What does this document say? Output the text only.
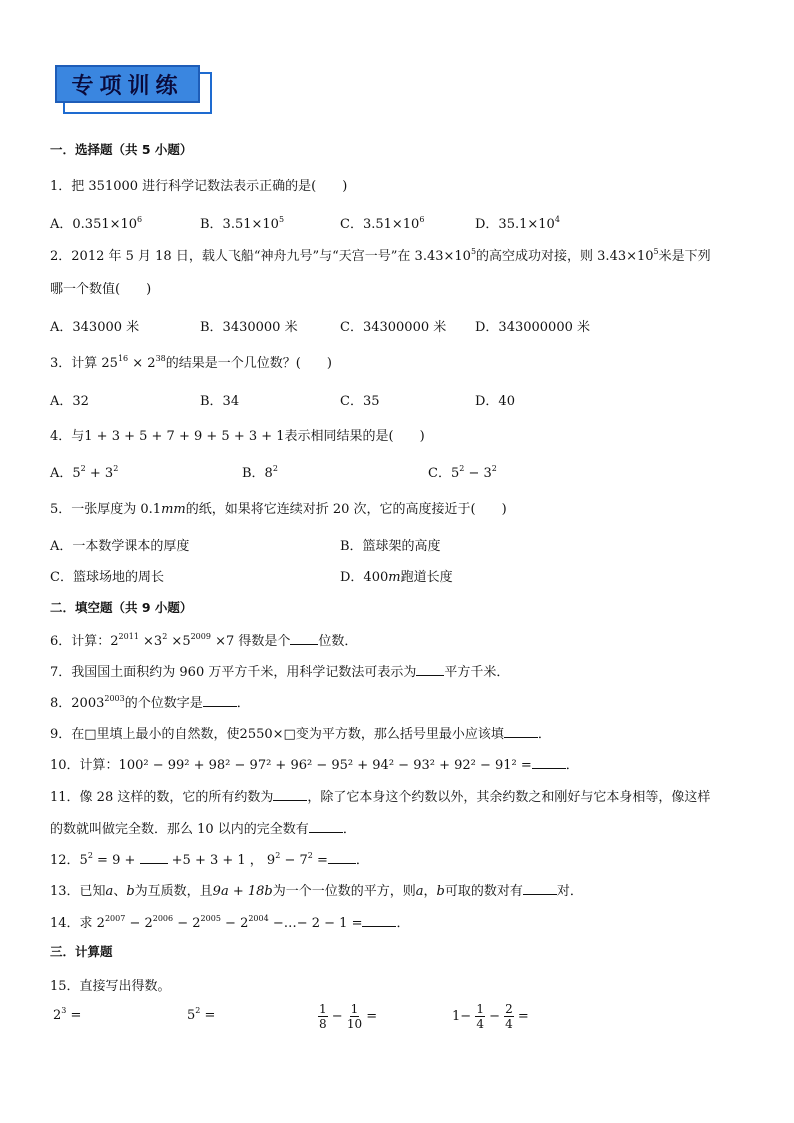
专项训练
一．选择题（共 5 小题）
1．把 351000 进行科学记数法表示正确的是(　　)
A．$0.351\times 10^6$	B．$3.51\times 10^5$	C．$3.51\times 10^6$	D．$35.1\times 10^4$
2．2012 年 5 月 18 日，载人飞船“神舟九号”与“天宫一号”在 $3.43\times 10^5$的高空成功对接，则 $3.43\times 10^5$米是下列
哪一个数值(　　)
A．343000 米	B．3430000 米	C．34300000 米 D．343000000 米
3．计算 $25^{16} \times 2^{38}$的结果是一个几位数？(　　)
A．32	B．34	C．35	D．40
4．与1 + 3 + 5 + 7 + 9 + 5 + 3 + 1表示相同结果的是(　　)
A．$5^2 + 3^2$	B．$8^2$	C．$5^2 - 3^2$
5．一张厚度为 0.1mm的纸，如果将它连续对折 20 次，它的高度接近于(　　)
A．一本数学课本的厚度	B．篮球架的高度
C．篮球场地的周长	D．400m跑道长度
二．填空题（共 9 小题）
6．计算：$2^{2011} \times 3^2 \times 5^{2009} \times 7$ 得数是个 位数．
7．我国国土面积约为 960 万平方千米，用科学记数法可表示为 平方千米．
8．$2003^{2003}$的个位数字是	．
9．在□里填上最小的自然数，使2550×□变为平方数，那么括号里最小应该填	．
10．计算：100² − 99² + 98² − 97² + 96² − 95² + 94² − 93² + 92² − 91² =	．
11．像 28 这样的数，它的所有约数为	，除了它本身这个约数以外，其余约数之和刚好与它本身相等，像这样
的数就叫做完全数．那么 10 以内的完全数有	．
12．$5^2 = 9 + +5 + 3 + 1$ ， $9^2 - 7^2$ = ．
13．已知a、b为互质数，且9a + 18b为一个一位数的平方，则a，b可取的数对有	对．
14．求 $2^{2007} - 2^{2006} - 2^{2005} - 2^{2004}$ −…− 2 − 1 =	．
三．计算题
15．直接写出得数。
$2^3$ =	$5^2$ =	$\frac{1}{8} - \frac{1}{10}$ =	$1- \frac{1}{4} - \frac{2}{4}$ =
